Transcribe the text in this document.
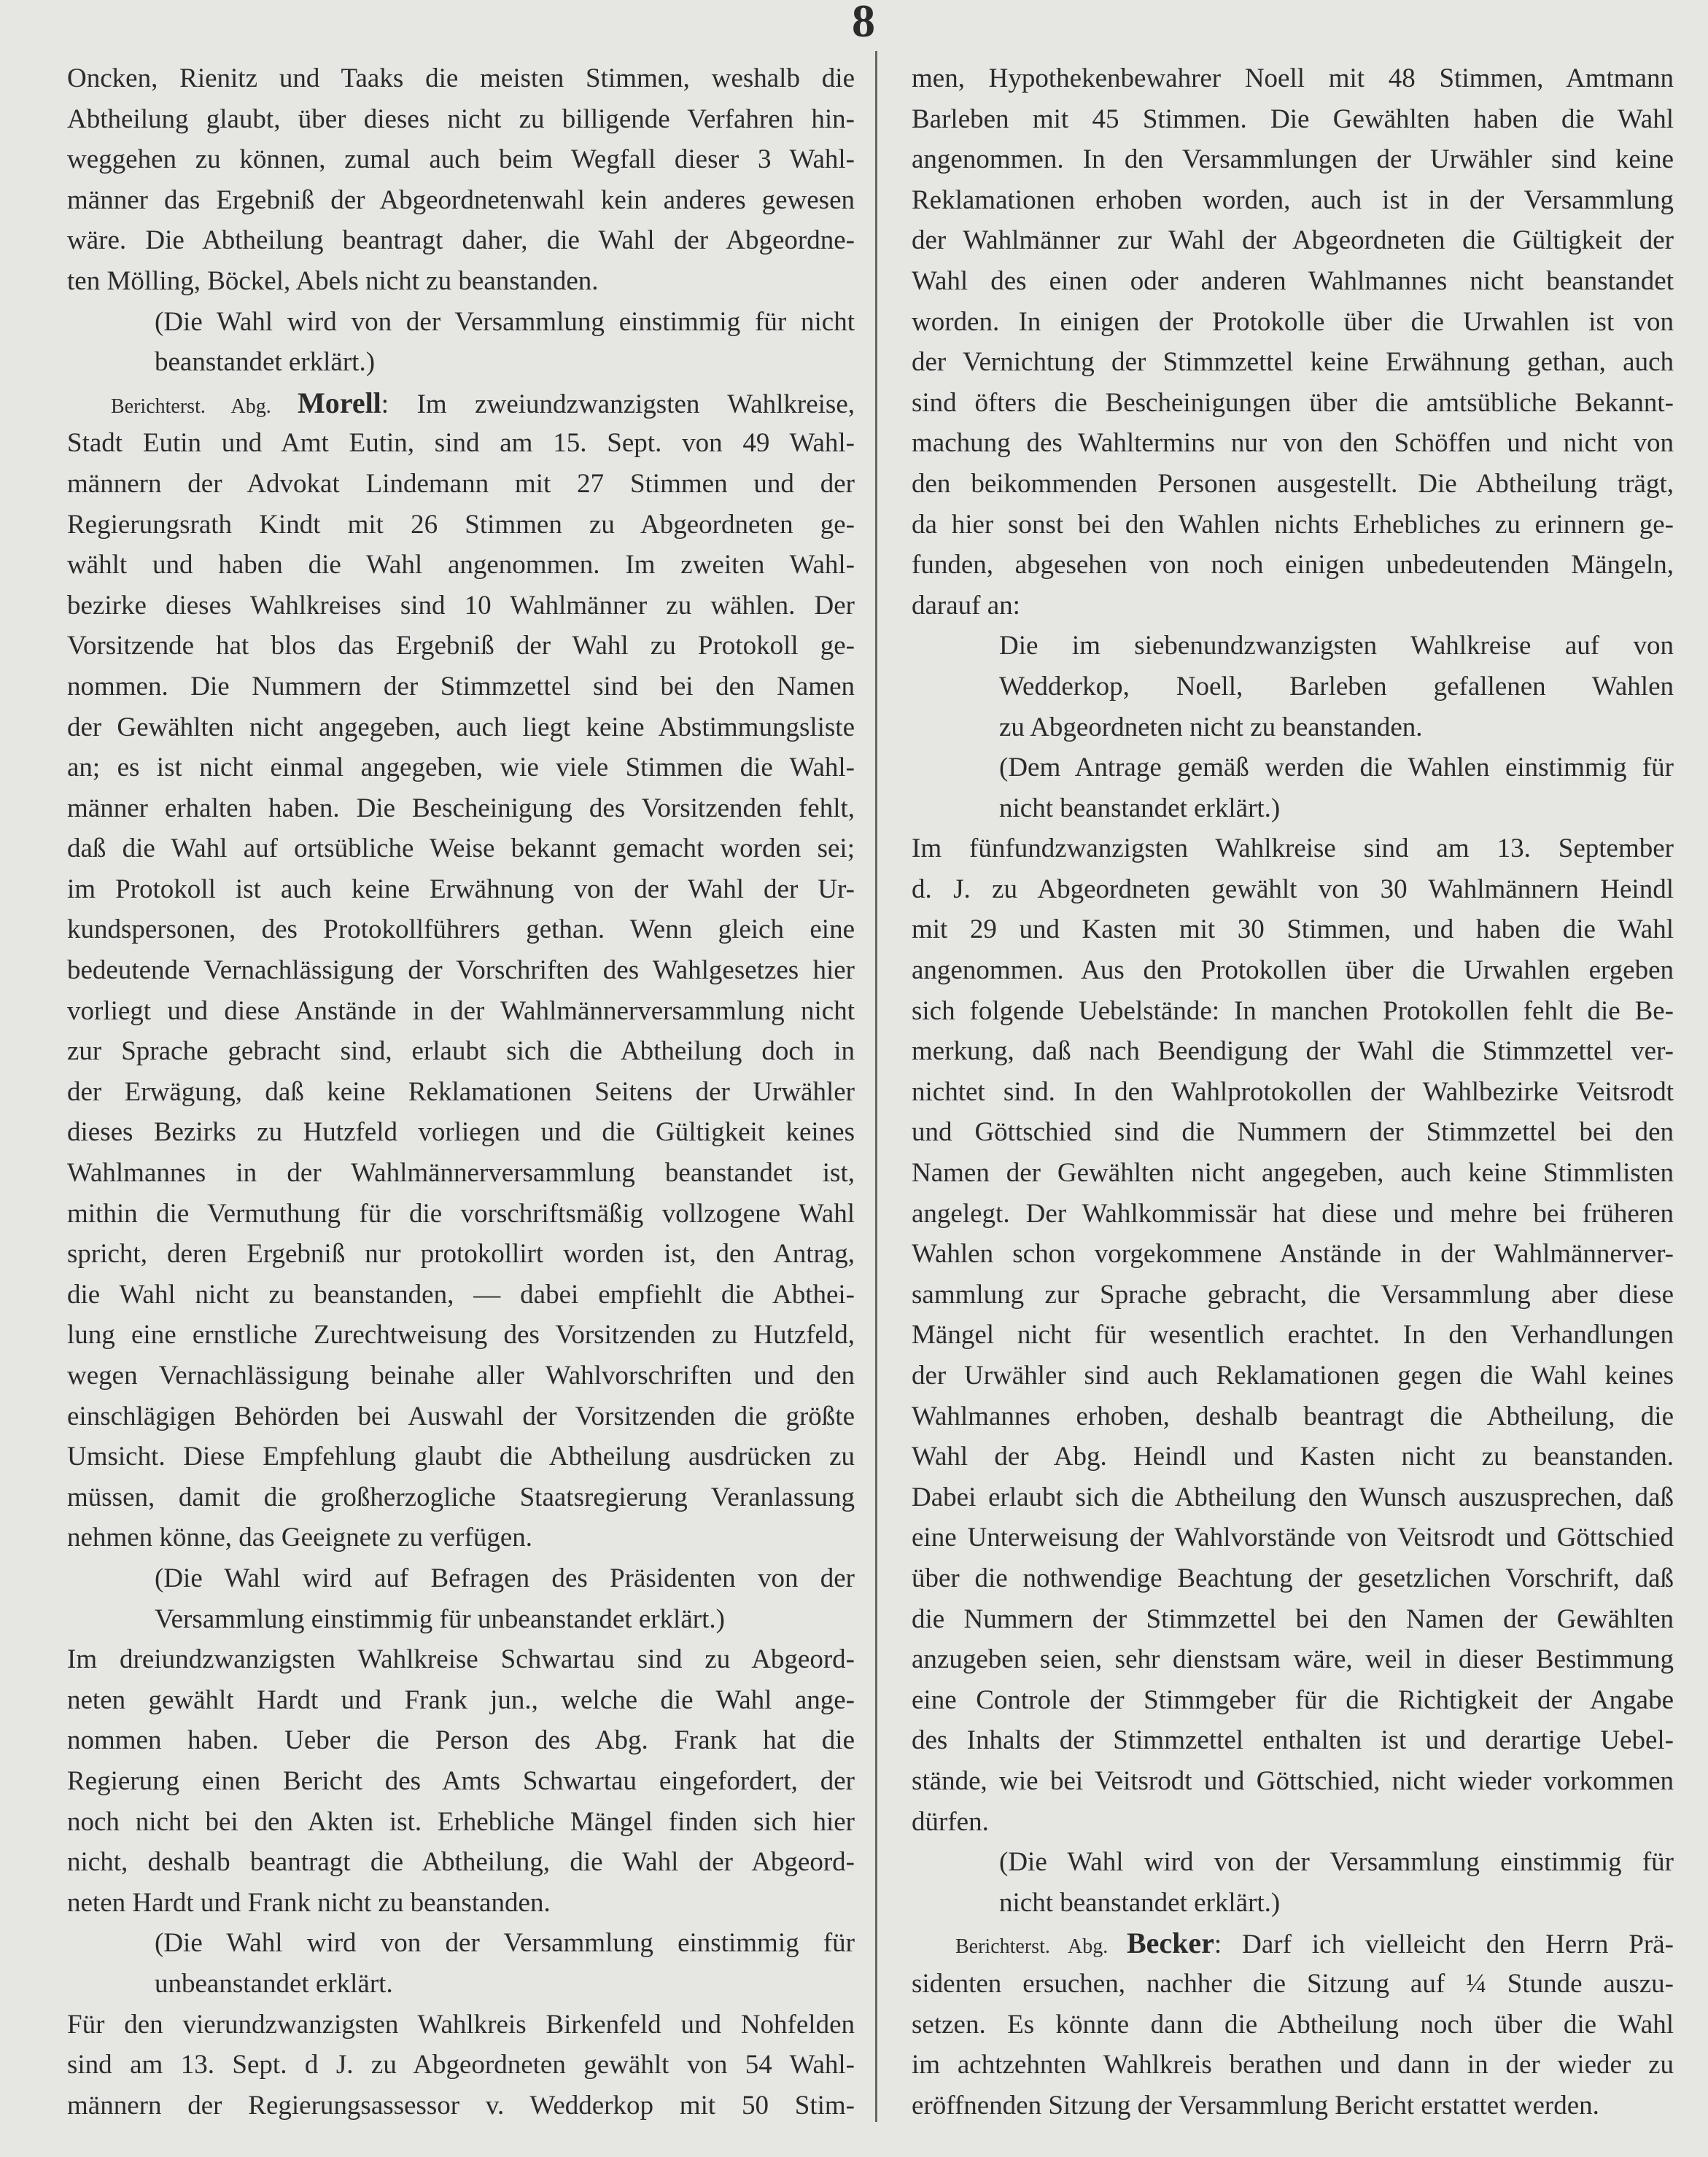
8
Oncken, Rienitz und Taaks die meisten Stimmen, weshalb die
Abtheilung glaubt, über dieses nicht zu billigende Verfahren hin-
weggehen zu können, zumal auch beim Wegfall dieser 3 Wahl-
männer das Ergebniß der Abgeordnetenwahl kein anderes gewesen
wäre. Die Abtheilung beantragt daher, die Wahl der Abgeordne-
ten Mölling, Böckel, Abels nicht zu beanstanden.
(Die Wahl wird von der Versammlung einstimmig für nicht
beanstandet erklärt.)
Berichterst. Abg. Morell: Im zweiundzwanzigsten Wahlkreise,
Stadt Eutin und Amt Eutin, sind am 15. Sept. von 49 Wahl-
männern der Advokat Lindemann mit 27 Stimmen und der
Regierungsrath Kindt mit 26 Stimmen zu Abgeordneten ge-
wählt und haben die Wahl angenommen. Im zweiten Wahl-
bezirke dieses Wahlkreises sind 10 Wahlmänner zu wählen. Der
Vorsitzende hat blos das Ergebniß der Wahl zu Protokoll ge-
nommen. Die Nummern der Stimmzettel sind bei den Namen
der Gewählten nicht angegeben, auch liegt keine Abstimmungsliste
an; es ist nicht einmal angegeben, wie viele Stimmen die Wahl-
männer erhalten haben. Die Bescheinigung des Vorsitzenden fehlt,
daß die Wahl auf ortsübliche Weise bekannt gemacht worden sei;
im Protokoll ist auch keine Erwähnung von der Wahl der Ur-
kundspersonen, des Protokollführers gethan. Wenn gleich eine
bedeutende Vernachlässigung der Vorschriften des Wahlgesetzes hier
vorliegt und diese Anstände in der Wahlmännerversammlung nicht
zur Sprache gebracht sind, erlaubt sich die Abtheilung doch in
der Erwägung, daß keine Reklamationen Seitens der Urwähler
dieses Bezirks zu Hutzfeld vorliegen und die Gültigkeit keines
Wahlmannes in der Wahlmännerversammlung beanstandet ist,
mithin die Vermuthung für die vorschriftsmäßig vollzogene Wahl
spricht, deren Ergebniß nur protokollirt worden ist, den Antrag,
die Wahl nicht zu beanstanden, — dabei empfiehlt die Abthei-
lung eine ernstliche Zurechtweisung des Vorsitzenden zu Hutzfeld,
wegen Vernachlässigung beinahe aller Wahlvorschriften und den
einschlägigen Behörden bei Auswahl der Vorsitzenden die größte
Umsicht. Diese Empfehlung glaubt die Abtheilung ausdrücken zu
müssen, damit die großherzogliche Staatsregierung Veranlassung
nehmen könne, das Geeignete zu verfügen.
(Die Wahl wird auf Befragen des Präsidenten von der
Versammlung einstimmig für unbeanstandet erklärt.)
Im dreiundzwanzigsten Wahlkreise Schwartau sind zu Abgeord-
neten gewählt Hardt und Frank jun., welche die Wahl ange-
nommen haben. Ueber die Person des Abg. Frank hat die
Regierung einen Bericht des Amts Schwartau eingefordert, der
noch nicht bei den Akten ist. Erhebliche Mängel finden sich hier
nicht, deshalb beantragt die Abtheilung, die Wahl der Abgeord-
neten Hardt und Frank nicht zu beanstanden.
(Die Wahl wird von der Versammlung einstimmig für
unbeanstandet erklärt.
Für den vierundzwanzigsten Wahlkreis Birkenfeld und Nohfelden
sind am 13. Sept. d J. zu Abgeordneten gewählt von 54 Wahl-
männern der Regierungsassessor v. Wedderkop mit 50 Stim-
men, Hypothekenbewahrer Noell mit 48 Stimmen, Amtmann
Barleben mit 45 Stimmen. Die Gewählten haben die Wahl
angenommen. In den Versammlungen der Urwähler sind keine
Reklamationen erhoben worden, auch ist in der Versammlung
der Wahlmänner zur Wahl der Abgeordneten die Gültigkeit der
Wahl des einen oder anderen Wahlmannes nicht beanstandet
worden. In einigen der Protokolle über die Urwahlen ist von
der Vernichtung der Stimmzettel keine Erwähnung gethan, auch
sind öfters die Bescheinigungen über die amtsübliche Bekannt-
machung des Wahltermins nur von den Schöffen und nicht von
den beikommenden Personen ausgestellt. Die Abtheilung trägt,
da hier sonst bei den Wahlen nichts Erhebliches zu erinnern ge-
funden, abgesehen von noch einigen unbedeutenden Mängeln,
darauf an:
Die im siebenundzwanzigsten Wahlkreise auf von
Wedderkop, Noell, Barleben gefallenen Wahlen
zu Abgeordneten nicht zu beanstanden.
(Dem Antrage gemäß werden die Wahlen einstimmig für
nicht beanstandet erklärt.)
Im fünfundzwanzigsten Wahlkreise sind am 13. September
d. J. zu Abgeordneten gewählt von 30 Wahlmännern Heindl
mit 29 und Kasten mit 30 Stimmen, und haben die Wahl
angenommen. Aus den Protokollen über die Urwahlen ergeben
sich folgende Uebelstände: In manchen Protokollen fehlt die Be-
merkung, daß nach Beendigung der Wahl die Stimmzettel ver-
nichtet sind. In den Wahlprotokollen der Wahlbezirke Veitsrodt
und Göttschied sind die Nummern der Stimmzettel bei den
Namen der Gewählten nicht angegeben, auch keine Stimmlisten
angelegt. Der Wahlkommissär hat diese und mehre bei früheren
Wahlen schon vorgekommene Anstände in der Wahlmännerver-
sammlung zur Sprache gebracht, die Versammlung aber diese
Mängel nicht für wesentlich erachtet. In den Verhandlungen
der Urwähler sind auch Reklamationen gegen die Wahl keines
Wahlmannes erhoben, deshalb beantragt die Abtheilung, die
Wahl der Abg. Heindl und Kasten nicht zu beanstanden.
Dabei erlaubt sich die Abtheilung den Wunsch auszusprechen, daß
eine Unterweisung der Wahlvorstände von Veitsrodt und Göttschied
über die nothwendige Beachtung der gesetzlichen Vorschrift, daß
die Nummern der Stimmzettel bei den Namen der Gewählten
anzugeben seien, sehr dienstsam wäre, weil in dieser Bestimmung
eine Controle der Stimmgeber für die Richtigkeit der Angabe
des Inhalts der Stimmzettel enthalten ist und derartige Uebel-
stände, wie bei Veitsrodt und Göttschied, nicht wieder vorkommen
dürfen.
(Die Wahl wird von der Versammlung einstimmig für
nicht beanstandet erklärt.)
Berichterst. Abg. Becker: Darf ich vielleicht den Herrn Prä-
sidenten ersuchen, nachher die Sitzung auf ¼ Stunde auszu-
setzen. Es könnte dann die Abtheilung noch über die Wahl
im achtzehnten Wahlkreis berathen und dann in der wieder zu
eröffnenden Sitzung der Versammlung Bericht erstattet werden.
